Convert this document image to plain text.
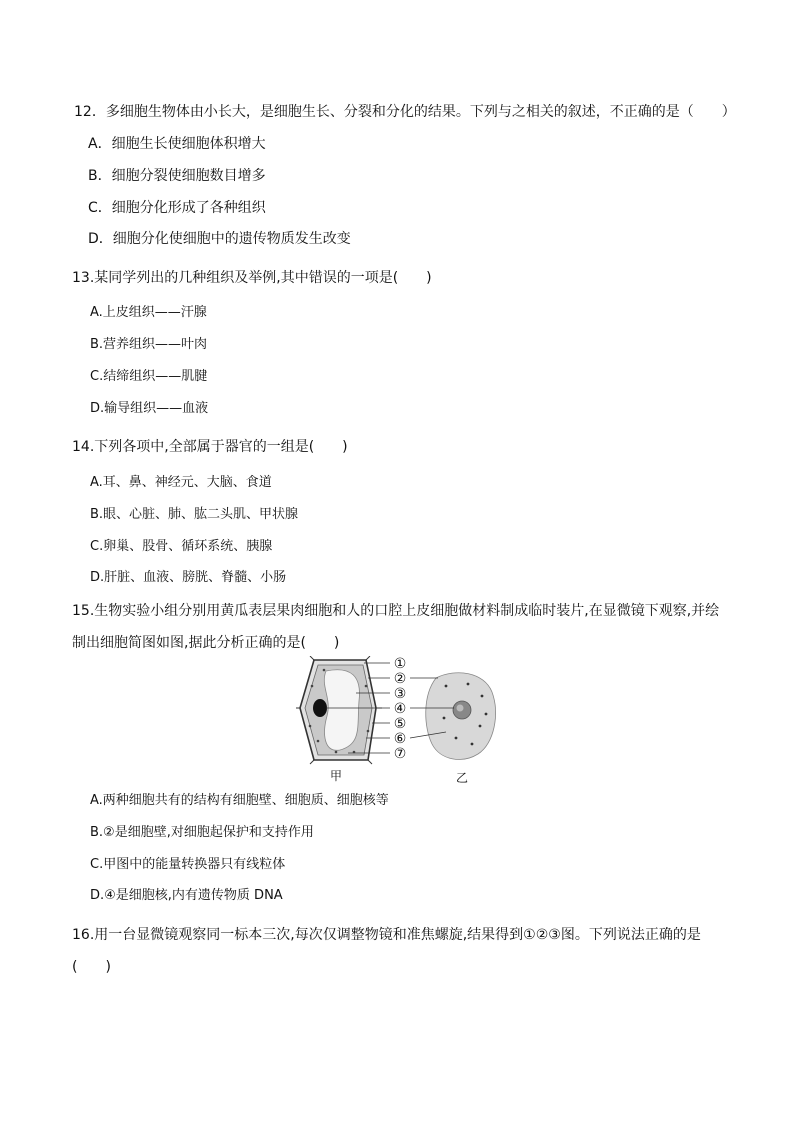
12．多细胞生物体由小长大，是细胞生长、分裂和分化的结果。下列与之相关的叙述，不正确的是（　　）
A．细胞生长使细胞体积增大
B．细胞分裂使细胞数目增多
C．细胞分化形成了各种组织
D．细胞分化使细胞中的遗传物质发生改变
13.某同学列出的几种组织及举例,其中错误的一项是(　　)
A.上皮组织——汗腺
B.营养组织——叶肉
C.结缔组织——肌腱
D.输导组织——血液
14.下列各项中,全部属于器官的一组是(　　)
A.耳、鼻、神经元、大脑、食道
B.眼、心脏、肺、肱二头肌、甲状腺
C.卵巢、股骨、循环系统、胰腺
D.肝脏、血液、膀胱、脊髓、小肠
15.生物实验小组分别用黄瓜表层果肉细胞和人的口腔上皮细胞做材料制成临时装片,在显微镜下观察,并绘
制出细胞简图如图,据此分析正确的是(　　)
①
②
③
④
⑤
⑥
⑦
甲	乙
A.两种细胞共有的结构有细胞壁、细胞质、细胞核等
B.②是细胞壁,对细胞起保护和支持作用
C.甲图中的能量转换器只有线粒体
D.④是细胞核,内有遗传物质 DNA
16.用一台显微镜观察同一标本三次,每次仅调整物镜和准焦螺旋,结果得到①②③图。下列说法正确的是
(　　)
